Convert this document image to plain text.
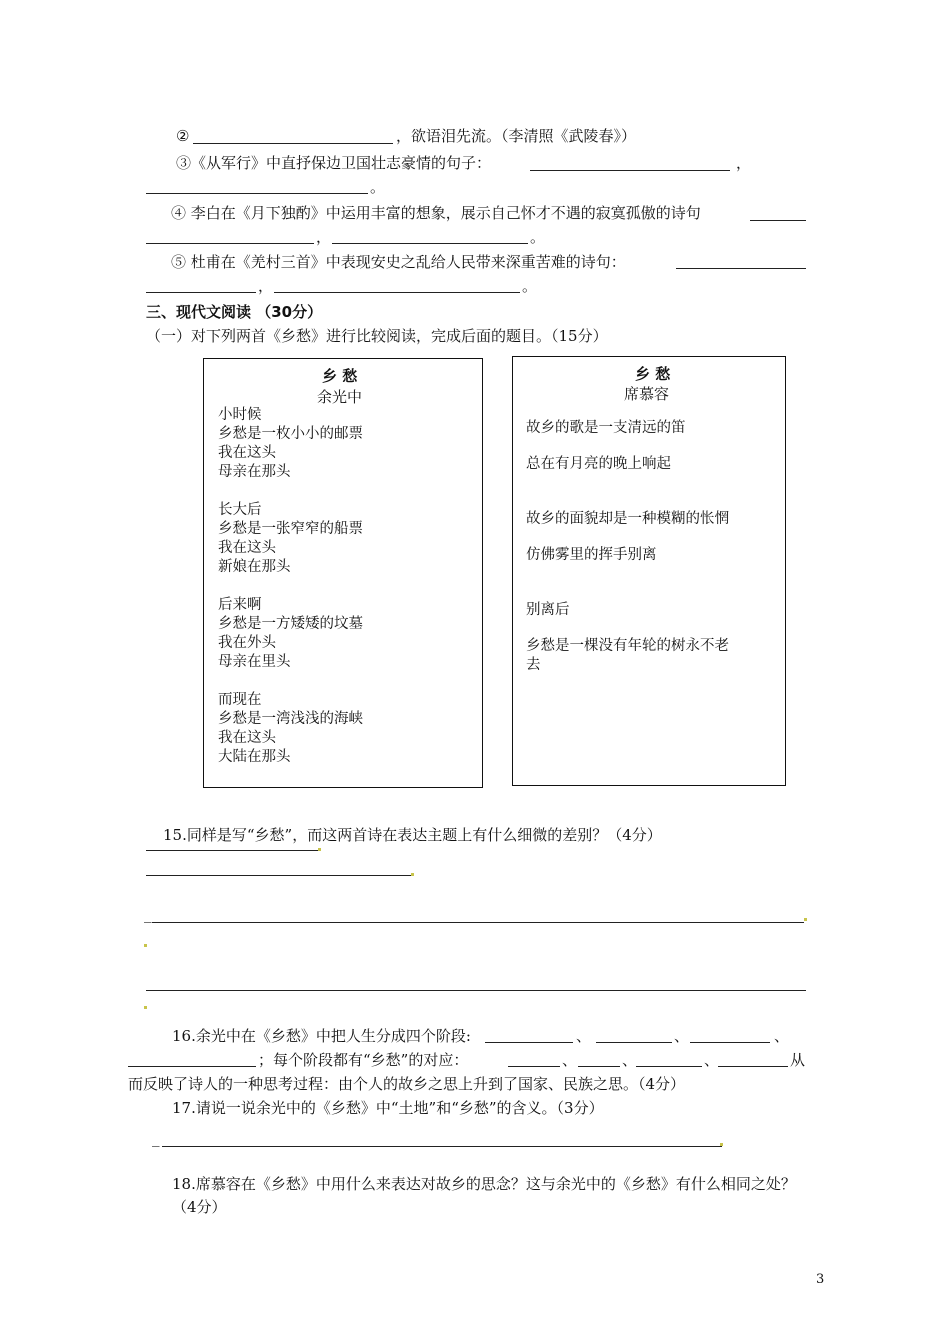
②	，欲语泪先流。（李清照《武陵春》）
③《从军行》中直抒保边卫国壮志豪情的句子：	，
。
④ 李白在《月下独酌》中运用丰富的想象，展示自己怀才不遇的寂寞孤傲的诗句
，	。
⑤ 杜甫在《羌村三首》中表现安史之乱给人民带来深重苦难的诗句：
，	。
三、现代文阅读 （30分）
（一）对下列两首《乡愁》进行比较阅读，完成后面的题目。（15分）
乡 愁
余光中
小时候
乡愁是一枚小小的邮票
我在这头
母亲在那头
长大后
乡愁是一张窄窄的船票
我在这头
新娘在那头
后来啊
乡愁是一方矮矮的坟墓
我在外头
母亲在里头
而现在
乡愁是一湾浅浅的海峡
我在这头
大陆在那头
乡 愁
席慕容
故乡的歌是一支清远的笛
总在有月亮的晚上响起
故乡的面貌却是一种模糊的怅惘
仿佛雾里的挥手别离
别离后
乡愁是一棵没有年轮的树永不老
去
15.同样是写“乡愁”，而这两首诗在表达主题上有什么细微的差别？（4分）
_
16.余光中在《乡愁》中把人生分成四个阶段:	、	、	、
；每个阶段都有“乡愁”的对应：	、	、	、	从
而反映了诗人的一种思考过程：由个人的故乡之思上升到了国家、民族之思。（4分）
17.请说一说余光中的《乡愁》中“土地”和“乡愁”的含义。（3分）
_
18.席慕容在《乡愁》中用什么来表达对故乡的思念？这与余光中的《乡愁》有什么相同之处？
（4分）
3
